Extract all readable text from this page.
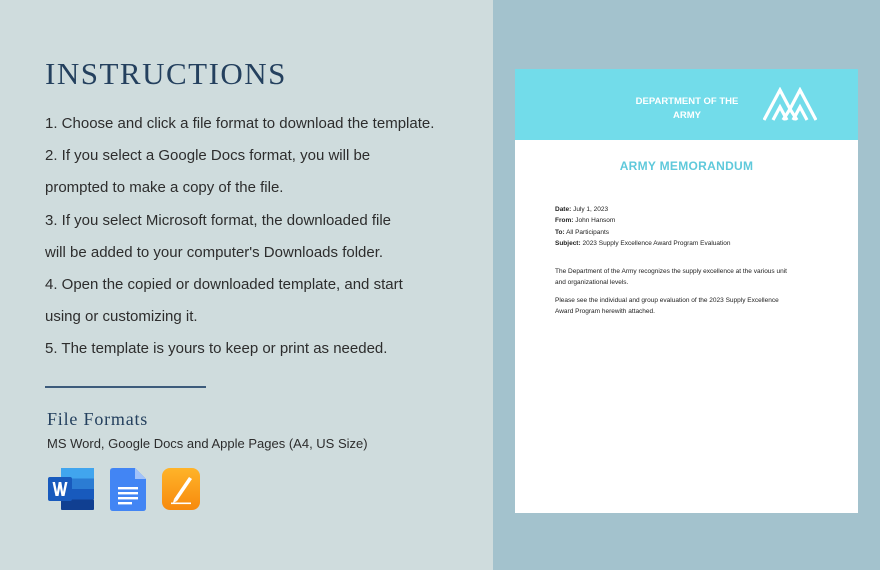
INSTRUCTIONS

1. Choose and click a file format to download the template.

2. If you select a Google Docs format, you will be

prompted to make a copy of the file.

3. If you select Microsoft format, the downloaded file

will be added to your computer's Downloads folder.

4. Open the copied or downloaded template, and start

using or customizing it.

5. The template is yours to keep or print as needed.

File Formats
MS Word, Google Docs and Apple Pages (A4, US Size)
DEPARTMENT OF THE
ARMY
ARMY MEMORANDUM
Date: July 1, 2023
From: John Hansom
To: All Participants
Subject: 2023 Supply Excellence Award Program Evaluation

The Department of the Army recognizes the supply excellence at the various unit
and organizational levels.

Please see the individual and group evaluation of the 2023 Supply Excellence
Award Program herewith attached.
